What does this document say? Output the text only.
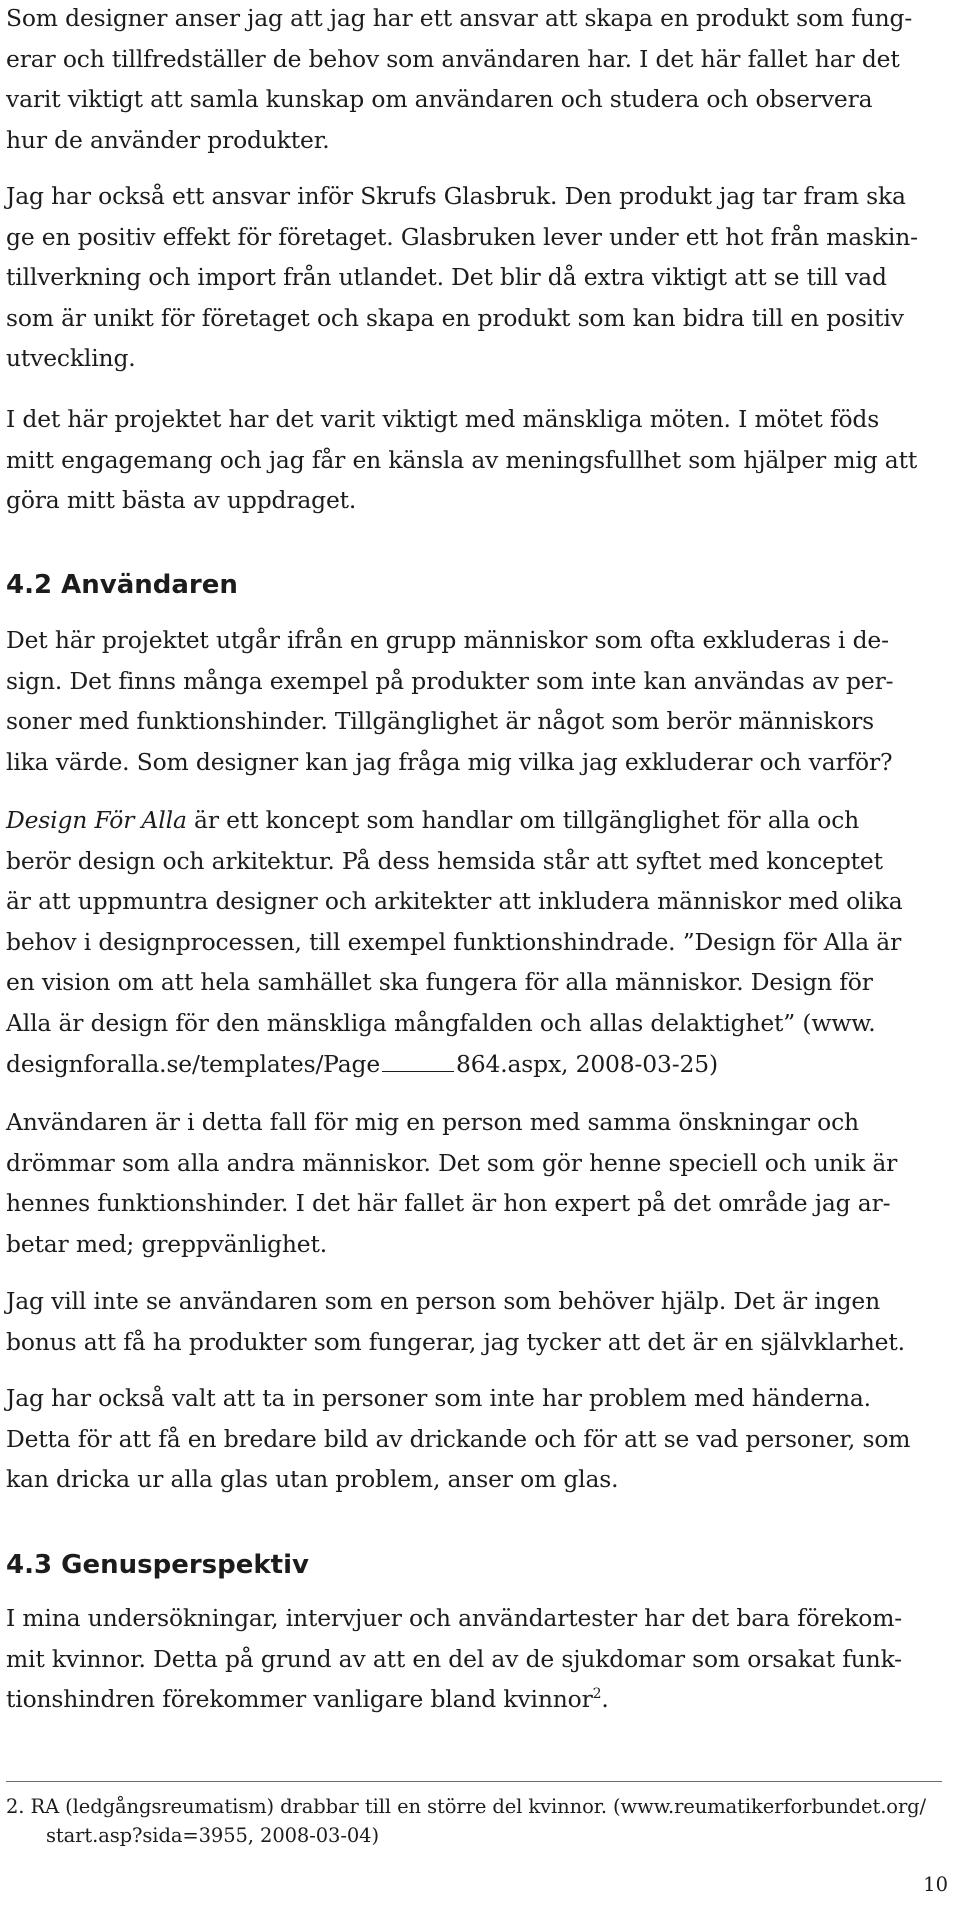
Som designer anser jag att jag har ett ansvar att skapa en produkt som fung-
erar och tillfredställer de behov som användaren har. I det här fallet har det
varit viktigt att samla kunskap om användaren och studera och observera
hur de använder produkter.

Jag har också ett ansvar inför Skrufs Glasbruk. Den produkt jag tar fram ska
ge en positiv effekt för företaget. Glasbruken lever under ett hot från maskin-
tillverkning och import från utlandet. Det blir då extra viktigt att se till vad
som är unikt för företaget och skapa en produkt som kan bidra till en positiv
utveckling.

I det här projektet har det varit viktigt med mänskliga möten. I mötet föds
mitt engagemang och jag får en känsla av meningsfullhet som hjälper mig att
göra mitt bästa av uppdraget.

4.2 Användaren

Det här projektet utgår ifrån en grupp människor som ofta exkluderas i de-
sign. Det finns många exempel på produkter som inte kan användas av per-
soner med funktionshinder. Tillgänglighet är något som berör människors
lika värde. Som designer kan jag fråga mig vilka jag exkluderar och varför?

Design För Alla är ett koncept som handlar om tillgänglighet för alla och
berör design och arkitektur. På dess hemsida står att syftet med konceptet
är att uppmuntra designer och arkitekter att inkludera människor med olika
behov i designprocessen, till exempel funktionshindrade. ”Design för Alla är
en vision om att hela samhället ska fungera för alla människor. Design för
Alla är design för den mänskliga mångfalden och allas delaktighet” (www.
designforalla.se/templates/Page	864.aspx, 2008-03-25)

Användaren är i detta fall för mig en person med samma önskningar och
drömmar som alla andra människor. Det som gör henne speciell och unik är
hennes funktionshinder. I det här fallet är hon expert på det område jag ar-
betar med; greppvänlighet.

Jag vill inte se användaren som en person som behöver hjälp. Det är ingen
bonus att få ha produkter som fungerar, jag tycker att det är en självklarhet.

Jag har också valt att ta in personer som inte har problem med händerna.
Detta för att få en bredare bild av drickande och för att se vad personer, som
kan dricka ur alla glas utan problem, anser om glas.

4.3 Genusperspektiv

I mina undersökningar, intervjuer och användartester har det bara förekom-
mit kvinnor. Detta på grund av att en del av de sjukdomar som orsakat funk-
tionshindren förekommer vanligare bland kvinnor$^2$.

2. RA (ledgångsreumatism) drabbar till en större del kvinnor. (www.reumatikerforbundet.org/
start.asp?sida=3955, 2008-03-04)

10
